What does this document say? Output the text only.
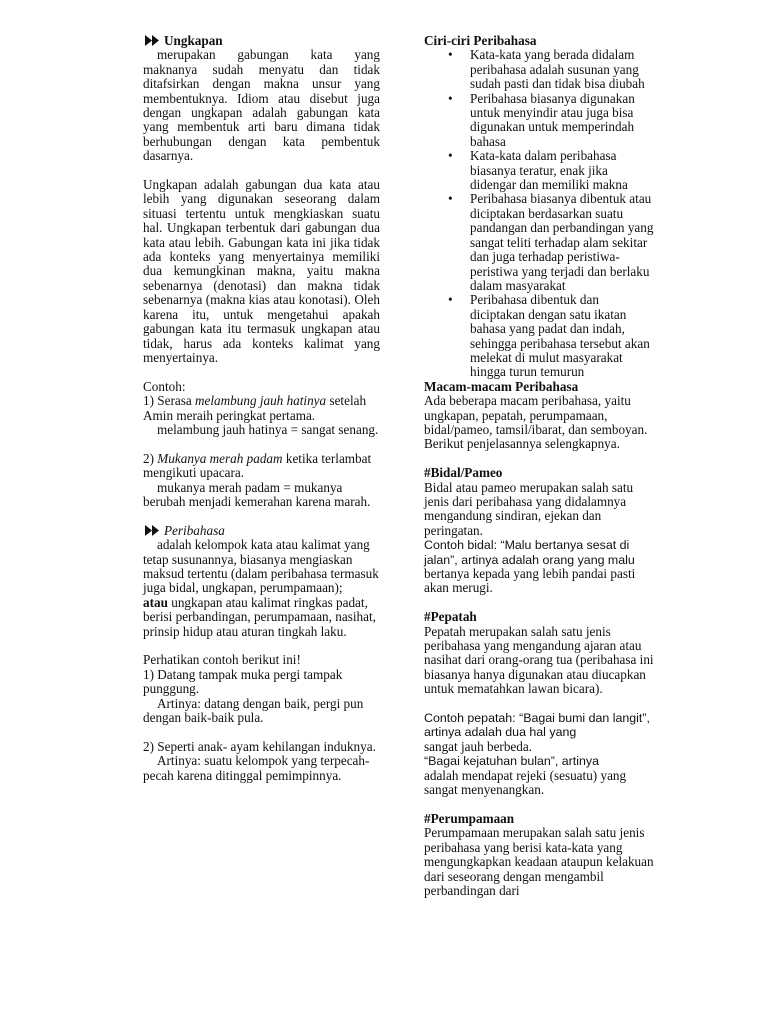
Ungkapan

merupakan gabungan kata yang maknanya sudah menyatu dan tidak ditafsirkan dengan makna unsur yang membentuknya. Idiom atau disebut juga dengan ungkapan adalah gabungan kata yang membentuk arti baru dimana tidak berhubungan dengan kata pembentuk dasarnya.

Ungkapan adalah gabungan dua kata atau lebih yang digunakan seseorang dalam situasi tertentu untuk mengkiaskan suatu hal. Ungkapan terbentuk dari gabungan dua kata atau lebih. Gabungan kata ini jika tidak ada konteks yang menyertainya memiliki dua kemungkinan makna, yaitu makna sebenarnya (denotasi) dan makna tidak sebenarnya (makna kias atau konotasi). Oleh karena itu, untuk mengetahui apakah gabungan kata itu termasuk ungkapan atau tidak, harus ada konteks kalimat yang menyertainya.

Contoh:

1) Serasa melambung jauh hatinya setelah Amin meraih peringkat pertama.

melambung jauh hatinya = sangat senang.

2) Mukanya merah padam ketika terlambat mengikuti upacara.

mukanya merah padam = mukanya berubah menjadi kemerahan karena marah.

Peribahasa

adalah kelompok kata atau kalimat yang tetap susunannya, biasanya mengiaskan maksud tertentu (dalam peribahasa termasuk juga bidal, ungkapan, perumpamaan);

atau ungkapan atau kalimat ringkas padat, berisi perbandingan, perumpamaan, nasihat, prinsip hidup atau aturan tingkah laku.

Perhatikan contoh berikut ini!

1) Datang tampak muka pergi tampak punggung.

Artinya: datang dengan baik, pergi pun dengan baik-baik pula.

2) Seperti anak- ayam kehilangan induknya.

Artinya: suatu kelompok yang terpecah-pecah karena ditinggal pemimpinnya.

Ciri-ciri Peribahasa

• Kata-kata yang berada didalam peribahasa adalah susunan yang sudah pasti dan tidak bisa diubah
• Peribahasa biasanya digunakan untuk menyindir atau juga bisa digunakan untuk memperindah bahasa
• Kata-kata dalam peribahasa biasanya teratur, enak jika didengar dan memiliki makna
• Peribahasa biasanya dibentuk atau diciptakan berdasarkan suatu pandangan dan perbandingan yang sangat teliti terhadap alam sekitar dan juga terhadap peristiwa-peristiwa yang terjadi dan berlaku dalam masyarakat
• Peribahasa dibentuk dan diciptakan dengan satu ikatan bahasa yang padat dan indah, sehingga peribahasa tersebut akan melekat di mulut masyarakat hingga turun temurun

Macam-macam Peribahasa

Ada beberapa macam peribahasa, yaitu ungkapan, pepatah, perumpamaan, bidal/pameo, tamsil/ibarat, dan semboyan. Berikut penjelasannya selengkapnya.

#Bidal/Pameo

Bidal atau pameo merupakan salah satu jenis dari peribahasa yang didalamnya mengandung sindiran, ejekan dan peringatan.

Contoh bidal: “Malu bertanya sesat di jalan”, artinya adalah orang yang malu

bertanya kepada yang lebih pandai pasti akan merugi.

#Pepatah

Pepatah merupakan salah satu jenis peribahasa yang mengandung ajaran atau nasihat dari orang-orang tua (peribahasa ini biasanya hanya digunakan atau diucapkan untuk mematahkan lawan bicara).

Contoh pepatah: “Bagai bumi dan langit”, artinya adalah dua hal yang

sangat jauh berbeda.

“Bagai kejatuhan bulan”, artinya

adalah mendapat rejeki (sesuatu) yang sangat menyenangkan.

#Perumpamaan

Perumpamaan merupakan salah satu jenis peribahasa yang berisi kata-kata yang mengungkapkan keadaan ataupun kelakuan dari seseorang dengan mengambil perbandingan dari
